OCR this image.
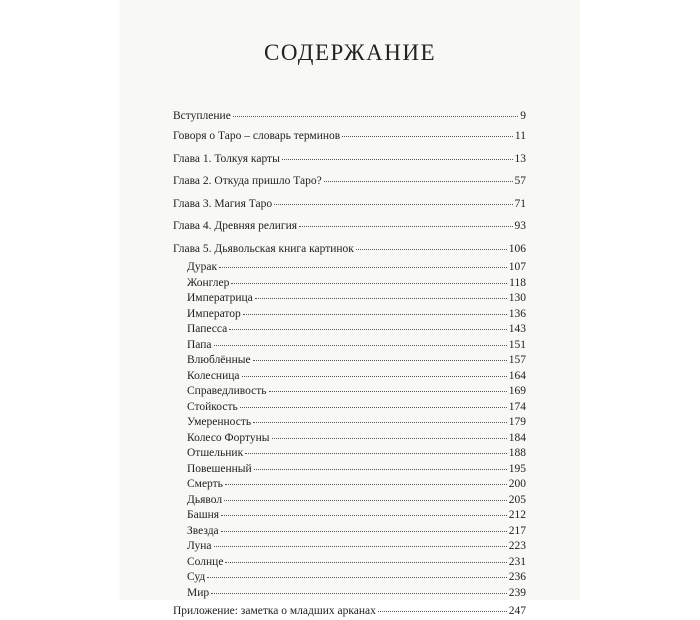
СОДЕРЖАНИЕ
Вступление	9
Говоря о Таро – словарь терминов	11
Глава 1. Толкуя карты	13
Глава 2. Откуда пришло Таро?	57
Глава 3. Магия Таро	71
Глава 4. Древняя религия	93
Глава 5. Дьявольская книга картинок	106
Дурак	107
Жонглер	118
Императрица	130
Император	136
Папесса	143
Папа	151
Влюблённые	157
Колесница	164
Справедливость	169
Стойкость	174
Умеренность	179
Колесо Фортуны	184
Отшельник	188
Повешенный	195
Смерть	200
Дьявол	205
Башня	212
Звезда	217
Луна	223
Солнце	231
Суд	236
Мир	239
Приложение: заметка о младших арканах	247
